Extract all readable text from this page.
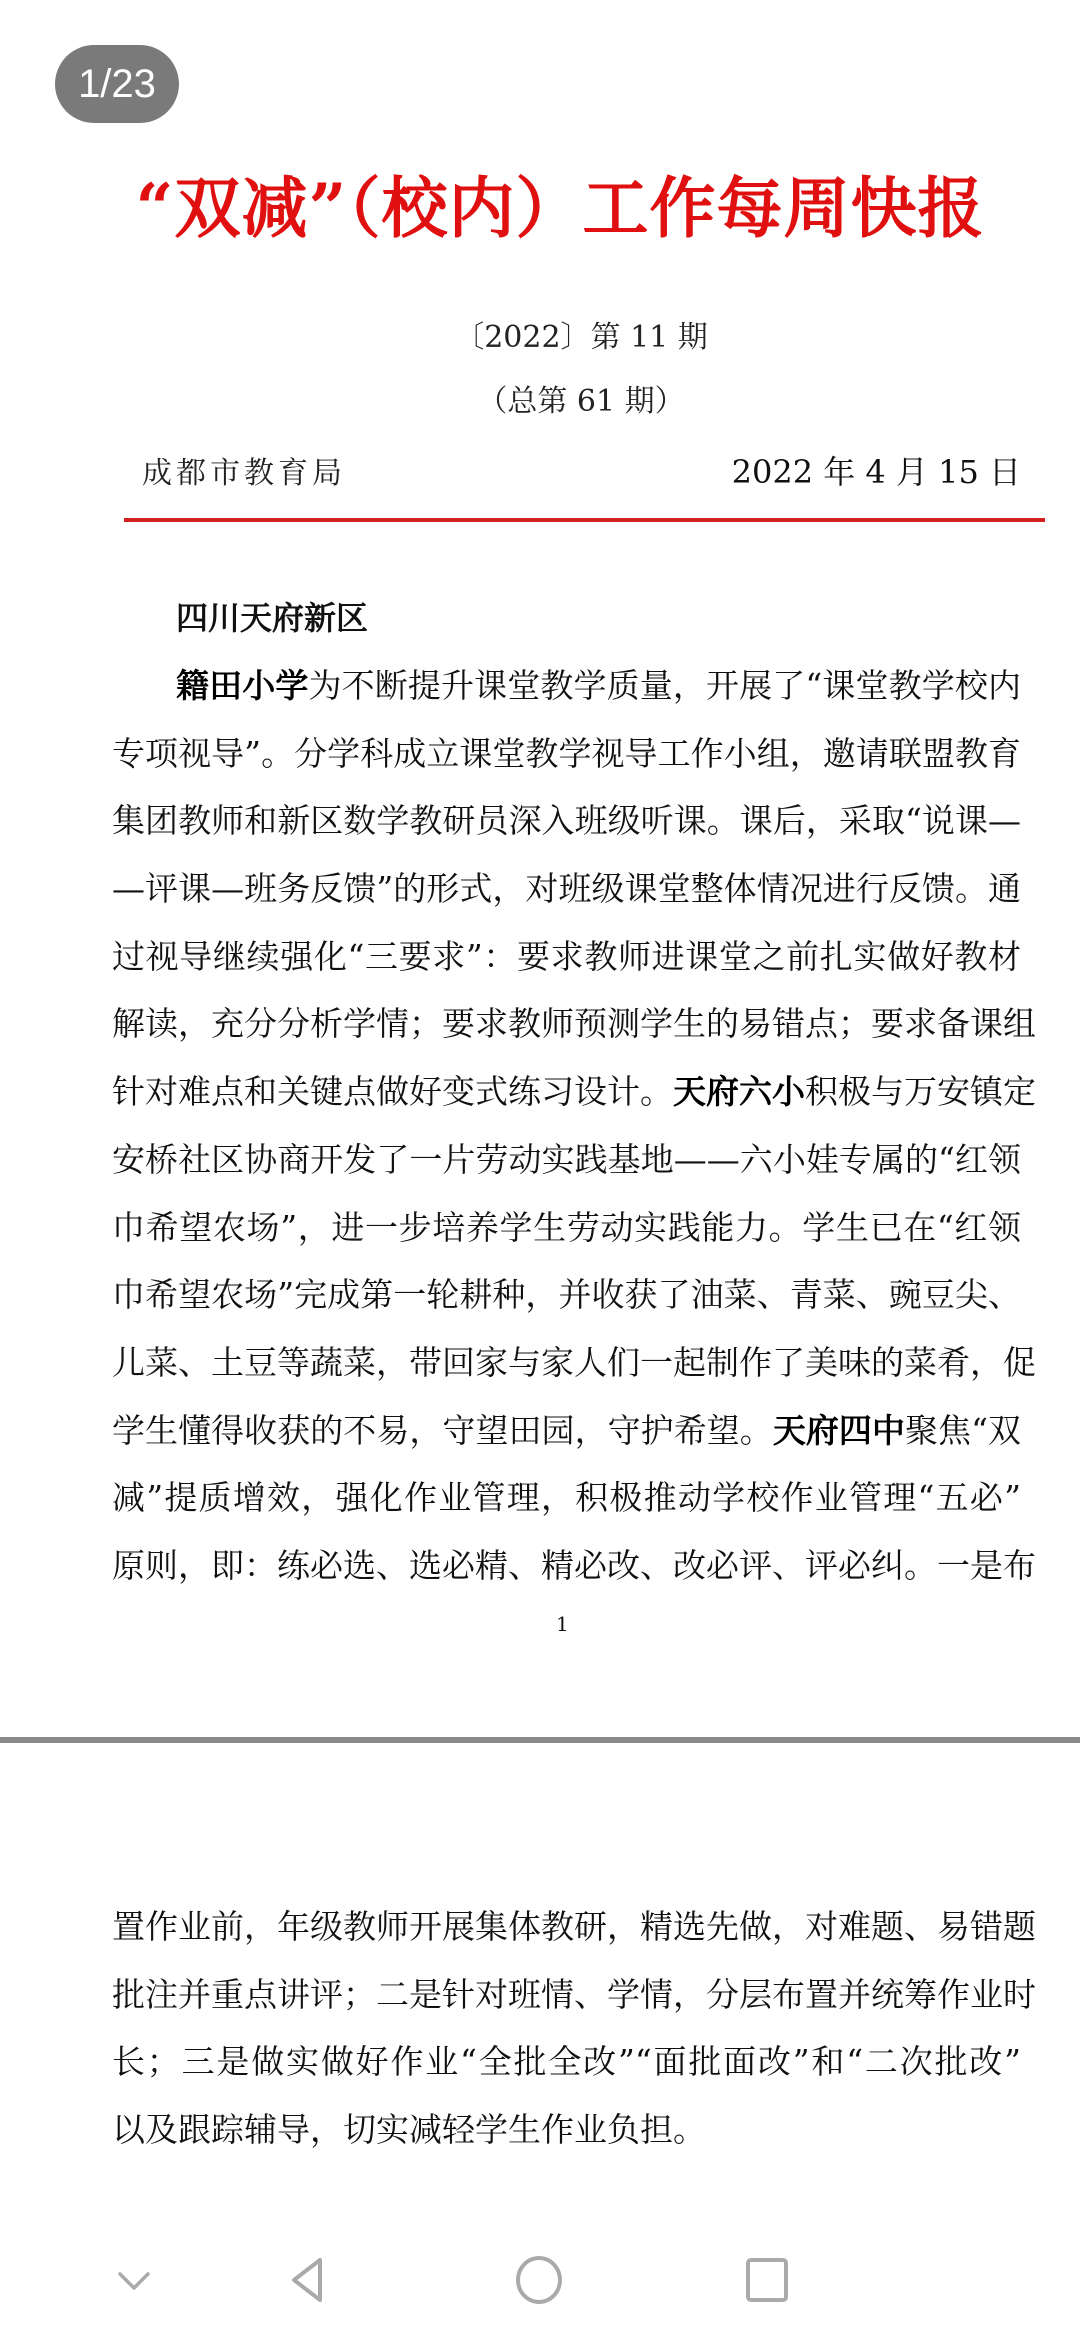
1/23
“双减”（校内）工作每周快报
〔2022〕第 11 期
（总第 61 期）
成都市教育局	2022 年 4 月 15 日
四川天府新区
籍田小学为不断提升课堂教学质量，开展了“课堂教学校内
专项视导”。分学科成立课堂教学视导工作小组，邀请联盟教育
集团教师和新区数学教研员深入班级听课。课后，采取“说课—
—评课—班务反馈”的形式，对班级课堂整体情况进行反馈。通
过视导继续强化“三要求”：要求教师进课堂之前扎实做好教材
解读，充分分析学情；要求教师预测学生的易错点；要求备课组
针对难点和关键点做好变式练习设计。天府六小积极与万安镇定
安桥社区协商开发了一片劳动实践基地——六小娃专属的“红领
巾希望农场”，进一步培养学生劳动实践能力。学生已在“红领
巾希望农场”完成第一轮耕种，并收获了油菜、青菜、豌豆尖、
儿菜、土豆等蔬菜，带回家与家人们一起制作了美味的菜肴，促
学生懂得收获的不易，守望田园，守护希望。天府四中聚焦“双
减”提质增效，强化作业管理，积极推动学校作业管理“五必”
原则，即：练必选、选必精、精必改、改必评、评必纠。一是布
1
置作业前，年级教师开展集体教研，精选先做，对难题、易错题
批注并重点讲评；二是针对班情、学情，分层布置并统筹作业时
长；三是做实做好作业“全批全改”“面批面改”和“二次批改”
以及跟踪辅导，切实减轻学生作业负担。
